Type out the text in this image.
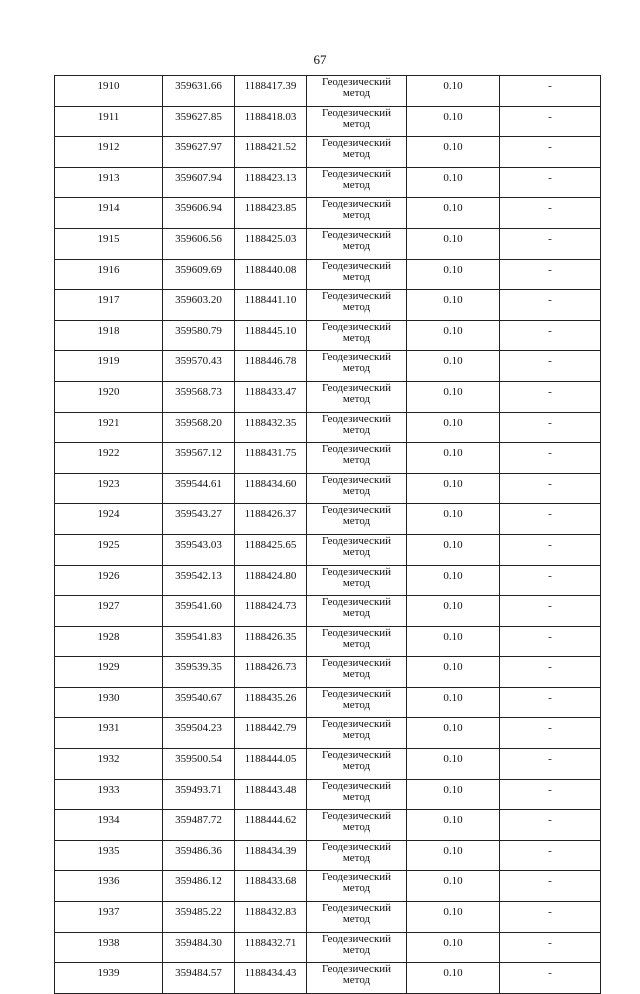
67
1910	359631.66	1188417.39	Геодезический метод	0.10	-
1911	359627.85	1188418.03	Геодезический метод	0.10	-
1912	359627.97	1188421.52	Геодезический метод	0.10	-
1913	359607.94	1188423.13	Геодезический метод	0.10	-
1914	359606.94	1188423.85	Геодезический метод	0.10	-
1915	359606.56	1188425.03	Геодезический метод	0.10	-
1916	359609.69	1188440.08	Геодезический метод	0.10	-
1917	359603.20	1188441.10	Геодезический метод	0.10	-
1918	359580.79	1188445.10	Геодезический метод	0.10	-
1919	359570.43	1188446.78	Геодезический метод	0.10	-
1920	359568.73	1188433.47	Геодезический метод	0.10	-
1921	359568.20	1188432.35	Геодезический метод	0.10	-
1922	359567.12	1188431.75	Геодезический метод	0.10	-
1923	359544.61	1188434.60	Геодезический метод	0.10	-
1924	359543.27	1188426.37	Геодезический метод	0.10	-
1925	359543.03	1188425.65	Геодезический метод	0.10	-
1926	359542.13	1188424.80	Геодезический метод	0.10	-
1927	359541.60	1188424.73	Геодезический метод	0.10	-
1928	359541.83	1188426.35	Геодезический метод	0.10	-
1929	359539.35	1188426.73	Геодезический метод	0.10	-
1930	359540.67	1188435.26	Геодезический метод	0.10	-
1931	359504.23	1188442.79	Геодезический метод	0.10	-
1932	359500.54	1188444.05	Геодезический метод	0.10	-
1933	359493.71	1188443.48	Геодезический метод	0.10	-
1934	359487.72	1188444.62	Геодезический метод	0.10	-
1935	359486.36	1188434.39	Геодезический метод	0.10	-
1936	359486.12	1188433.68	Геодезический метод	0.10	-
1937	359485.22	1188432.83	Геодезический метод	0.10	-
1938	359484.30	1188432.71	Геодезический метод	0.10	-
1939	359484.57	1188434.43	Геодезический метод	0.10	-
